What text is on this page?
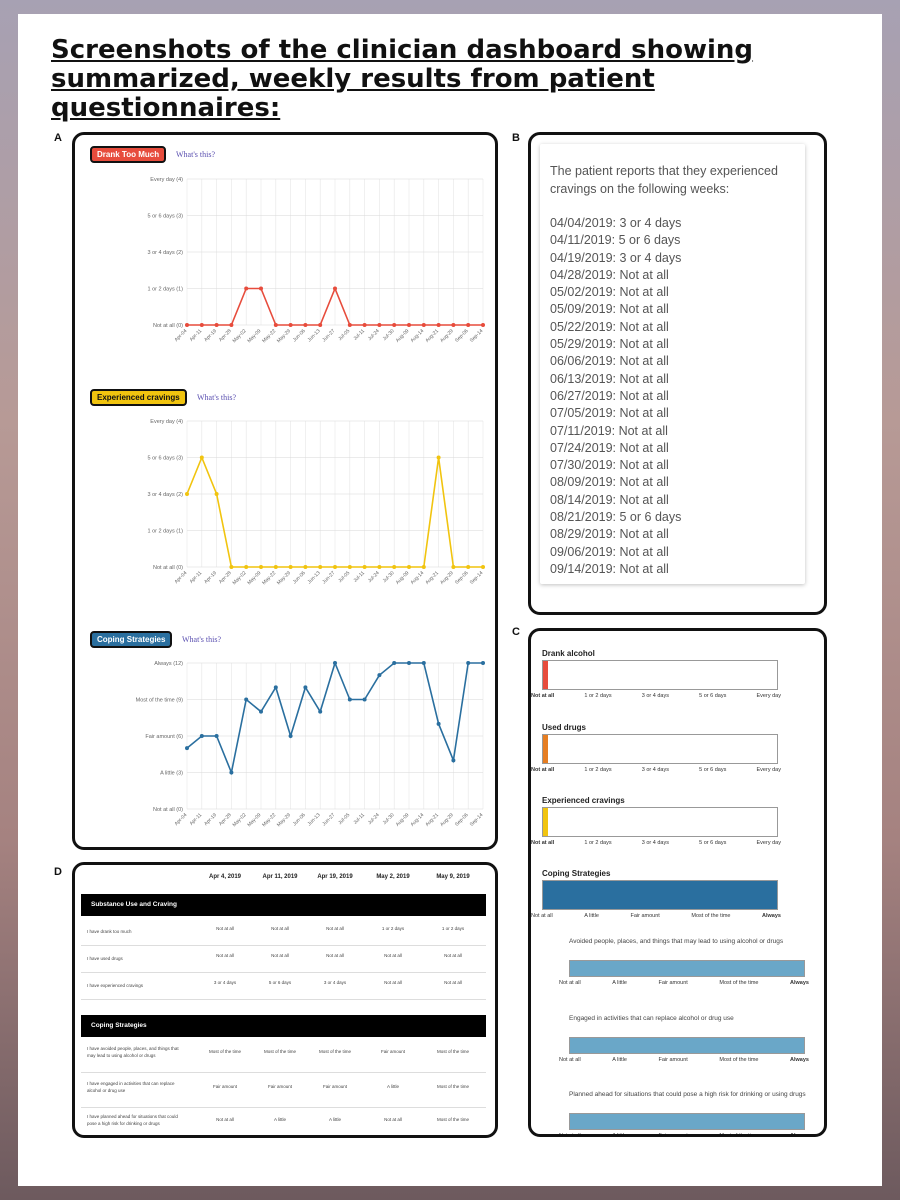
Screenshots of the clinician dashboard showing
summarized, weekly results from patient questionnaires:
A
Drank Too Much	What's this?
Not at all (0)
1 or 2 days (1)
3 or 4 days (2)
5 or 6 days (3)
Every day (4)
Apr-04 Apr-11 Apr-19 Apr-28
May-02
May-09
May-22
May-29 Jun-06 Jun-13 Jun-27 Jul-05 Jul-11 Jul-24 Jul-30 Aug-09 Aug-14 Aug-21 Aug-29 Sep-06 Sep-14
Experienced cravings	What's this?
Not at all (0)
1 or 2 days (1)
3 or 4 days (2)
5 or 6 days (3)
Every day (4)
Apr-04 Apr-11 Apr-19 Apr-28
May-02
May-09
May-22
May-29 Jun-06 Jun-13 Jun-27 Jul-05 Jul-11 Jul-24 Jul-30 Aug-09 Aug-14 Aug-21 Aug-29 Sep-06 Sep-14
Coping Strategies	What's this?
Not at all (0)
A little (3)
Fair amount (6)
Most of the time (9)
Always (12)
Apr-04 Apr-11 Apr-19 Apr-28
May-02
May-09
May-22
May-29 Jun-06 Jun-13 Jun-27 Jul-05 Jul-11 Jul-24 Jul-30 Aug-09 Aug-14 Aug-21 Aug-29 Sep-06 Sep-14
B
The patient reports that they experienced cravings on the following weeks:
04/04/2019: 3 or 4 days
04/11/2019: 5 or 6 days
04/19/2019: 3 or 4 days
04/28/2019: Not at all
05/02/2019: Not at all
05/09/2019: Not at all
05/22/2019: Not at all
05/29/2019: Not at all
06/06/2019: Not at all
06/13/2019: Not at all
06/27/2019: Not at all
07/05/2019: Not at all
07/11/2019: Not at all
07/24/2019: Not at all
07/30/2019: Not at all
08/09/2019: Not at all
08/14/2019: Not at all
08/21/2019: 5 or 6 days
08/29/2019: Not at all
09/06/2019: Not at all
09/14/2019: Not at all
C
Drank alcohol
Not at all	1 or 2 days	3 or 4 days	5 or 6 days	Every day
Used drugs
Not at all	1 or 2 days	3 or 4 days	5 or 6 days	Every day
Experienced cravings
Not at all	1 or 2 days	3 or 4 days	5 or 6 days	Every day
Coping Strategies
Not at all	A little	Fair amount	Most of the time	Always
Avoided people, places, and things that may lead to using alcohol or drugs
Not at all	A little	Fair amount	Most of the time	Always
Engaged in activities that can replace alcohol or drug use
Not at all	A little	Fair amount	Most of the time	Always
Planned ahead for situations that could pose a high risk for drinking or using drugs
Not at all	A little	Fair amount	Most of the time	Always
D	Apr 4, 2019	Apr 11, 2019	Apr 19, 2019	May 2, 2019	May 9, 2019
Substance Use and Craving
I have drank too much
Not at all	Not at all	Not at all	1 or 2 days	1 or 2 days
I have used drugs
Not at all	Not at all	Not at all	Not at all	Not at all
I have experienced cravings
3 or 4 days	5 or 6 days	3 or 4 days	Not at all	Not at all
Coping Strategies
I have avoided people, places, and things that may lead to using alcohol or drugs
Most of the time	Most of the time	Most of the time	Fair amount	Most of the time
I have engaged in activities that can replace alcohol or drug use
Fair amount	Fair amount	Fair amount	A little	Most of the time
I have planned ahead for situations that could pose a high risk for drinking or drugs
Not at all	A little	A little	Not at all	Most of the time
